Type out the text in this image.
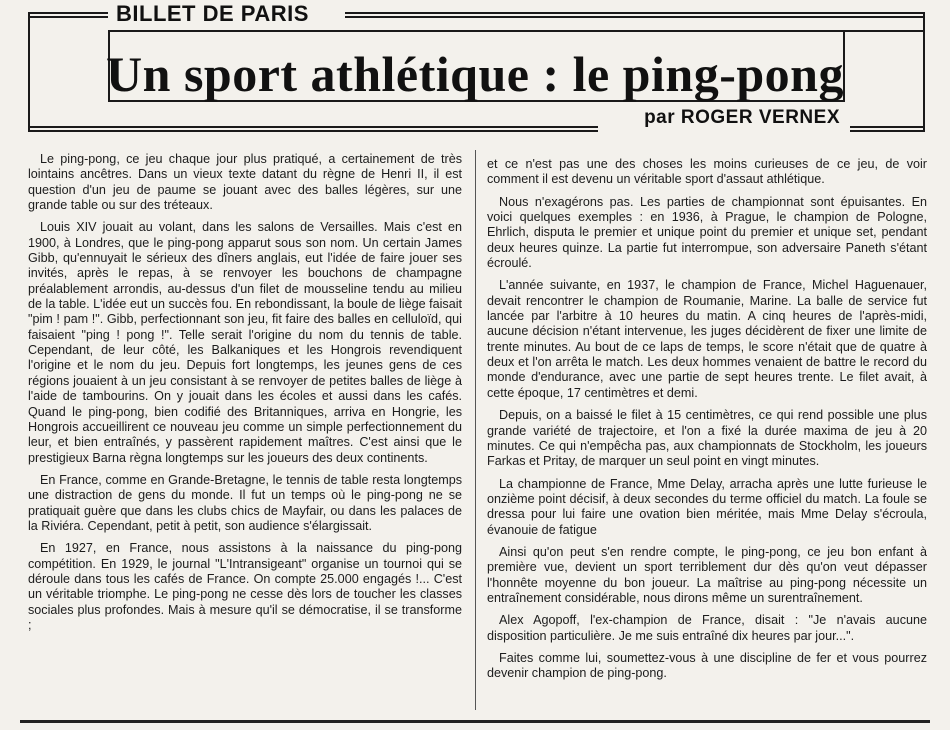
BILLET DE PARIS
Un sport athlétique : le ping-pong
par ROGER VERNEX

Le ping-pong, ce jeu chaque jour plus pratiqué, a certainement de très lointains ancêtres. Dans un vieux texte datant du règne de Henri II, il est question d'un jeu de paume se jouant avec des balles légères, sur une grande table ou sur des tréteaux.

Louis XIV jouait au volant, dans les salons de Versailles. Mais c'est en 1900, à Londres, que le ping-pong apparut sous son nom. Un certain James Gibb, qu'ennuyait le sérieux des dîners anglais, eut l'idée de faire jouer ses invités, après le repas, à se renvoyer les bouchons de champagne préalablement arrondis, au-dessus d'un filet de mousseline tendu au milieu de la table. L'idée eut un succès fou. En rebondissant, la boule de liège faisait "pim ! pam !". Gibb, perfectionnant son jeu, fit faire des balles en celluloïd, qui faisaient "ping ! pong !". Telle serait l'origine du nom du tennis de table. Cependant, de leur côté, les Balkaniques et les Hongrois revendiquent l'origine et le nom du jeu. Depuis fort longtemps, les jeunes gens de ces régions jouaient à un jeu consistant à se renvoyer de petites balles de liège à l'aide de tambourins. On y jouait dans les écoles et aussi dans les cafés. Quand le ping-pong, bien codifié des Britanniques, arriva en Hongrie, les Hongrois accueillirent ce nouveau jeu comme un simple perfectionnement du leur, et bien entraînés, y passèrent rapidement maîtres. C'est ainsi que le prestigieux Barna règna longtemps sur les joueurs des deux continents.

En France, comme en Grande-Bretagne, le tennis de table resta longtemps une distraction de gens du monde. Il fut un temps où le ping-pong ne se pratiquait guère que dans les clubs chics de Mayfair, ou dans les palaces de la Riviéra. Cependant, petit à petit, son audience s'élargissait.

En 1927, en France, nous assistons à la naissance du ping-pong compétition. En 1929, le journal "L'Intransigeant" organise un tournoi qui se déroule dans tous les cafés de France. On compte 25.000 engagés !... C'est un véritable triomphe. Le ping-pong ne cesse dès lors de toucher les classes sociales plus profondes. Mais à mesure qu'il se démocratise, il se transforme ;

et ce n'est pas une des choses les moins curieuses de ce jeu, de voir comment il est devenu un véritable sport d'assaut athlétique.

Nous n'exagérons pas. Les parties de championnat sont épuisantes. En voici quelques exemples : en 1936, à Prague, le champion de Pologne, Ehrlich, disputa le premier et unique point du premier et unique set, pendant deux heures quinze. La partie fut interrompue, son adversaire Paneth s'étant écroulé.

L'année suivante, en 1937, le champion de France, Michel Haguenauer, devait rencontrer le champion de Roumanie, Marine. La balle de service fut lancée par l'arbitre à 10 heures du matin. A cinq heures de l'après-midi, aucune décision n'étant intervenue, les juges décidèrent de fixer une limite de trente minutes. Au bout de ce laps de temps, le score n'était que de quatre à deux et l'on arrêta le match. Les deux hommes venaient de battre le record du monde d'endurance, avec une partie de sept heures trente. Le filet avait, à cette époque, 17 centimètres et demi.

Depuis, on a baissé le filet à 15 centimètres, ce qui rend possible une plus grande variété de trajectoire, et l'on a fixé la durée maxima de jeu à 20 minutes. Ce qui n'empêcha pas, aux championnats de Stockholm, les joueurs Farkas et Pritay, de marquer un seul point en vingt minutes.

La championne de France, Mme Delay, arracha après une lutte furieuse le onzième point décisif, à deux secondes du terme officiel du match. La foule se dressa pour lui faire une ovation bien méritée, mais Mme Delay s'écroula, évanouie de fatigue

Ainsi qu'on peut s'en rendre compte, le ping-pong, ce jeu bon enfant à première vue, devient un sport terriblement dur dès qu'on veut dépasser l'honnête moyenne du bon joueur. La maîtrise au ping-pong nécessite un entraînement considérable, nous dirons même un surentraînement.

Alex Agopoff, l'ex-champion de France, disait : "Je n'avais aucune disposition particulière. Je me suis entraîné dix heures par jour...".

Faites comme lui, soumettez-vous à une discipline de fer et vous pourrez devenir champion de ping-pong.
